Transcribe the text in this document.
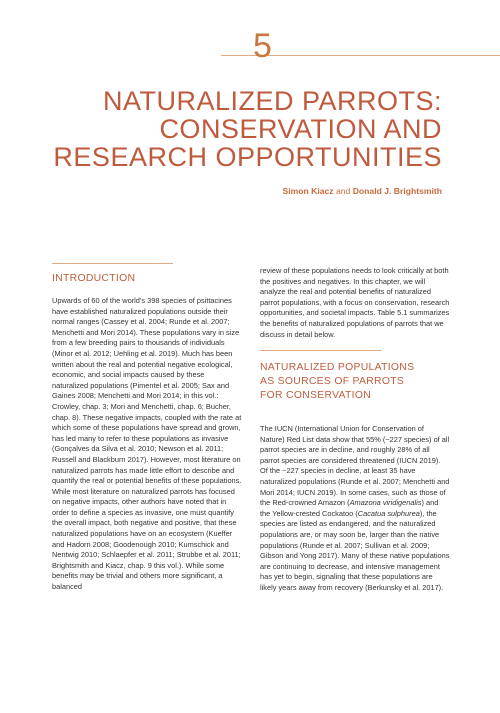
5
NATURALIZED PARROTS:
CONSERVATION AND
RESEARCH OPPORTUNITIES
Simon Kiacz and Donald J. Brightsmith
INTRODUCTION

Upwards of 60 of the world’s 398 species of psittacines have established naturalized populations outside their normal ranges (Cassey et al. 2004; Runde et al. 2007; Menchetti and Mori 2014). These populations vary in size from a few breeding pairs to thousands of individuals (Minor et al. 2012; Uehling et al. 2019). Much has been written about the real and potential negative ecological, economic, and social impacts caused by these naturalized populations (Pimentel et al. 2005; Sax and Gaines 2008; Menchetti and Mori 2014; in this vol.: Crowley, chap. 3; Mori and Menchetti, chap. 6; Bucher, chap. 8). These negative impacts, coupled with the rate at which some of these populations have spread and grown, has led many to refer to these populations as invasive (Gonçalves da Silva et al. 2010; Newson et al. 2011; Russell and Blackburn 2017). However, most literature on naturalized parrots has made little effort to describe and quantify the real or potential benefits of these populations. While most literature on naturalized parrots has focused on negative impacts, other authors have noted that in order to define a species as invasive, one must quantify the overall impact, both negative and positive, that these naturalized populations have on an ecosystem (Kueffer and Hadorn 2008; Goodenough 2010; Kumschick and Nentwig 2010; Schlaepfer et al. 2011; Strubbe et al. 2011; Brightsmith and Kiacz, chap. 9 this vol.). While some benefits may be trivial and others more significant, a balanced

review of these populations needs to look critically at both the positives and negatives. In this chapter, we will analyze the real and potential benefits of naturalized parrot populations, with a focus on conservation, research opportunities, and societal impacts. Table 5.1 summarizes the benefits of naturalized populations of parrots that we discuss in detail below.

NATURALIZED POPULATIONS
AS SOURCES OF PARROTS
FOR CONSERVATION

The IUCN (International Union for Conservation of Nature) Red List data show that 55% (~227 species) of all parrot species are in decline, and roughly 28% of all parrot species are considered threatened (IUCN 2019). Of the ~227 species in decline, at least 35 have naturalized populations (Runde et al. 2007; Menchetti and Mori 2014; IUCN 2019). In some cases, such as those of the Red-crowned Amazon (Amazona viridigenalis) and the Yellow-crested Cockatoo (Cacatua sulphurea), the species are listed as endangered, and the naturalized populations are, or may soon be, larger than the native populations (Runde et al. 2007; Sullivan et al. 2009; Gibson and Yong 2017). Many of these native populations are continuing to decrease, and intensive management has yet to begin, signaling that these populations are likely years away from recovery (Berkunsky et al. 2017).
